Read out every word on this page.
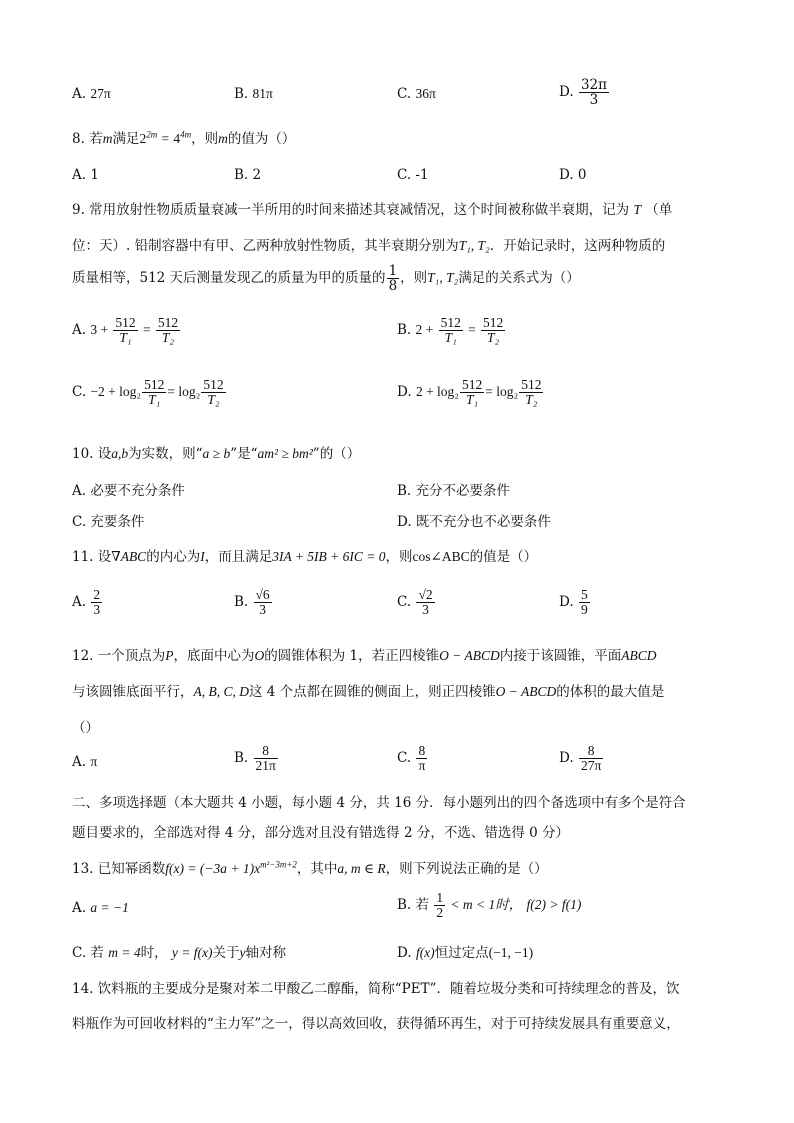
A. 27π	B. 81π	C. 36π	D. $\frac{32\pi}{3}$
8. 若m满足$2^{2m} = 4^{4m}$，则m的值为（）
A. 1	B. 2	C. -1	D. 0
9. 常用放射性物质质量衰减一半所用的时间来描述其衰减情况，这个时间被称做半衰期，记为 T （单
位：天）. 铅制容器中有甲、乙两种放射性物质，其半衰期分别为T₁, T₂．开始记录时，这两种物质的
质量相等，512 天后测量发现乙的质量为甲的质量的 $\frac{1}{8}$ ，则T₁, T₂满足的关系式为（）
A. $3 + \frac{512}{\text{T₁}} = \frac{512}{\text{T₂}}$	B. $2 + \frac{512}{\text{T₁}} = \frac{512}{\text{T₂}}$
C. $-2 + \log_2 \frac{512}{\text{T₁}} = \log_2 \frac{512}{\text{T₂}}$	D. $2 + \log_2 \frac{512}{\text{T₁}} = \log_2 \frac{512}{\text{T₂}}$
10. 设a,b为实数，则“a ≥ b”是“am² ≥ bm²”的（）
A. 必要不充分条件	B. 充分不必要条件
C. 充要条件	D. 既不充分也不必要条件
11. 设∇ABC的内心为I，而且满足3IA + 5IB + 6IC = 0，则cos∠ABC的值是（）
A. $\frac{2}{3}$	B. $\frac{√6}{3}$	C. $\frac{√2}{3}$	D. $\frac{5}{9}$
12. 一个顶点为P，底面中心为O的圆锥体积为 1，若正四棱锥O − ABCD内接于该圆锥，平面ABCD
与该圆锥底面平行，A, B, C, D这 4 个点都在圆锥的侧面上，则正四棱锥O − ABCD的体积的最大值是
（）
A. π	B. $\frac{8}{21\pi}$	C. $\frac{8}{\pi}$	D. $\frac{8}{27\pi}$
二、多项选择题（本大题共 4 小题，每小题 4 分，共 16 分．每小题列出的四个备选项中有多个是符合
题目要求的，全部选对得 4 分，部分选对且没有错选得 2 分，不选、错选得 0 分）
13. 已知幂函数$f(x) = (-3a + 1)x^{m^2-3m+2}$，其中a, m ∈ R，则下列说法正确的是（）
A. a = −1	B. 若 $\frac{1}{2} < m < 1$时， f(2) > f(1)
C. 若 m = 4时， y = f(x)关于y轴对称	D. f(x)恒过定点(−1, −1)
14. 饮料瓶的主要成分是聚对苯二甲酸乙二醇酯，简称“PET”．随着垃圾分类和可持续理念的普及，饮
料瓶作为可回收材料的“主力军”之一，得以高效回收，获得循环再生，对于可持续发展具有重要意义，
